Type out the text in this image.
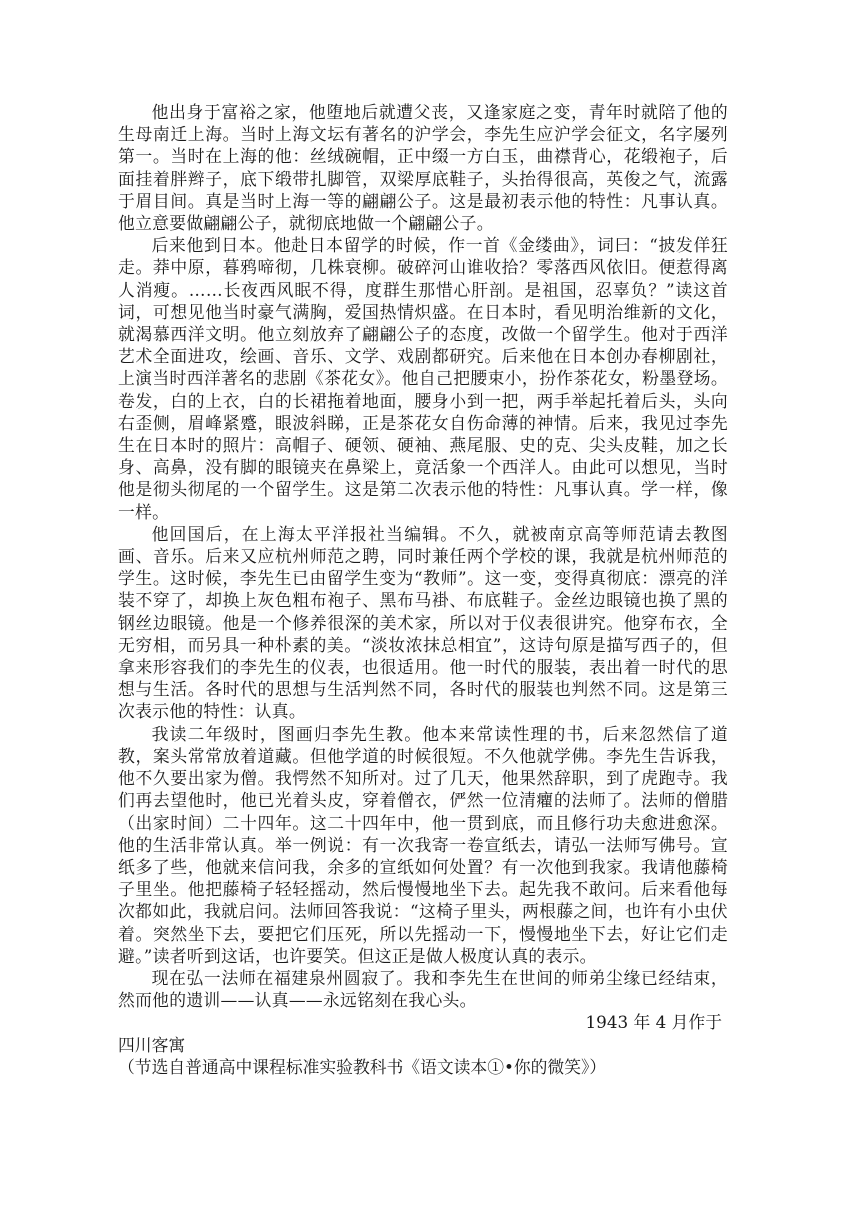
他出身于富裕之家，他堕地后就遭父丧，又逢家庭之变，青年时就陪了他的生母南迁上海。当时上海文坛有著名的沪学会，李先生应沪学会征文，名字屡列第一。当时在上海的他：丝绒碗帽，正中缀一方白玉，曲襟背心，花缎袍子，后面挂着胖辫子，底下缎带扎脚管，双梁厚底鞋子，头抬得很高，英俊之气，流露于眉目间。真是当时上海一等的翩翩公子。这是最初表示他的特性：凡事认真。他立意要做翩翩公子，就彻底地做一个翩翩公子。

后来他到日本。他赴日本留学的时候，作一首《金缕曲》，词曰：“披发佯狂走。莽中原，暮鸦啼彻，几株衰柳。破碎河山谁收拾？零落西风依旧。便惹得离人消瘦。……长夜西风眠不得，度群生那惜心肝剖。是祖国，忍辜负？”读这首词，可想见他当时豪气满胸，爱国热情炽盛。在日本时，看见明治维新的文化，就渴慕西洋文明。他立刻放弃了翩翩公子的态度，改做一个留学生。他对于西洋艺术全面进攻，绘画、音乐、文学、戏剧都研究。后来他在日本创办春柳剧社，上演当时西洋著名的悲剧《茶花女》。他自己把腰束小，扮作茶花女，粉墨登场。卷发，白的上衣，白的长裙拖着地面，腰身小到一把，两手举起托着后头，头向右歪侧，眉峰紧蹙，眼波斜睇，正是茶花女自伤命薄的神情。后来，我见过李先生在日本时的照片：高帽子、硬领、硬袖、燕尾服、史的克、尖头皮鞋，加之长身、高鼻，没有脚的眼镜夹在鼻梁上，竟活象一个西洋人。由此可以想见，当时他是彻头彻尾的一个留学生。这是第二次表示他的特性：凡事认真。学一样，像一样。

他回国后，在上海太平洋报社当编辑。不久，就被南京高等师范请去教图画、音乐。后来又应杭州师范之聘，同时兼任两个学校的课，我就是杭州师范的学生。这时候，李先生已由留学生变为“教师”。这一变，变得真彻底：漂亮的洋装不穿了，却换上灰色粗布袍子、黑布马褂、布底鞋子。金丝边眼镜也换了黑的钢丝边眼镜。他是一个修养很深的美术家，所以对于仪表很讲究。他穿布衣，全无穷相，而另具一种朴素的美。“淡妆浓抹总相宜”，这诗句原是描写西子的，但拿来形容我们的李先生的仪表，也很适用。他一时代的服装，表出着一时代的思想与生活。各时代的思想与生活判然不同，各时代的服装也判然不同。这是第三次表示他的特性：认真。

我读二年级时，图画归李先生教。他本来常读性理的书，后来忽然信了道教，案头常常放着道藏。但他学道的时候很短。不久他就学佛。李先生告诉我，他不久要出家为僧。我愕然不知所对。过了几天，他果然辞职，到了虎跑寺。我们再去望他时，他已光着头皮，穿着僧衣，俨然一位清癯的法师了。法师的僧腊（出家时间）二十四年。这二十四年中，他一贯到底，而且修行功夫愈进愈深。他的生活非常认真。举一例说：有一次我寄一卷宣纸去，请弘一法师写佛号。宣纸多了些，他就来信问我，余多的宣纸如何处置？有一次他到我家。我请他藤椅子里坐。他把藤椅子轻轻摇动，然后慢慢地坐下去。起先我不敢问。后来看他每次都如此，我就启问。法师回答我说：“这椅子里头，两根藤之间，也许有小虫伏着。突然坐下去，要把它们压死，所以先摇动一下，慢慢地坐下去，好让它们走避。”读者听到这话，也许要笑。但这正是做人极度认真的表示。

现在弘一法师在福建泉州圆寂了。我和李先生在世间的师弟尘缘已经结束，然而他的遗训——认真——永远铭刻在我心头。

1943 年 4 月作于

四川客寓

（节选自普通高中课程标准实验教科书《语文读本①•你的微笑》）
